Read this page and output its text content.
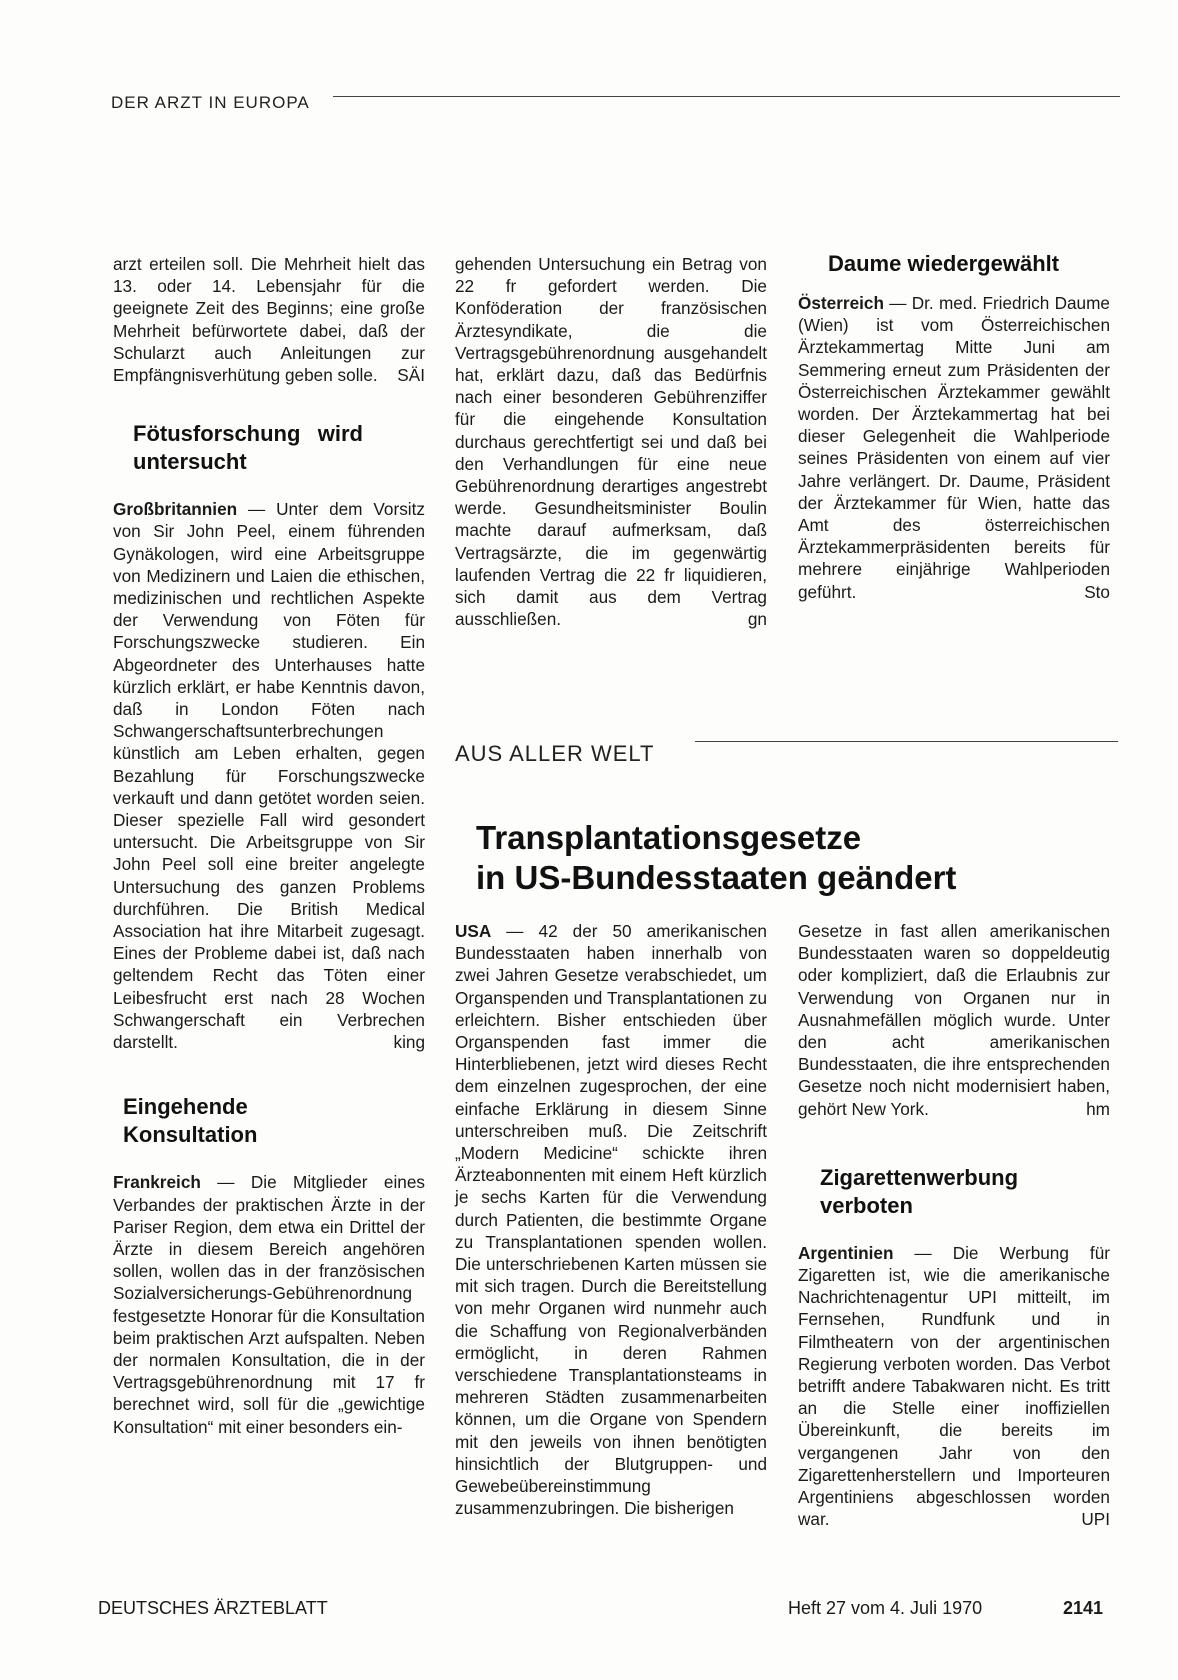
DER ARZT IN EUROPA

arzt erteilen soll. Die Mehrheit hielt das 13. oder 14. Lebensjahr für die geeignete Zeit des Beginns; eine große Mehrheit befürwortete dabei, daß der Schularzt auch Anleitungen zur Empfängnisverhütung geben solle. SÄI

Fötusforschung wird untersucht

Großbritannien — Unter dem Vorsitz von Sir John Peel, einem führenden Gynäkologen, wird eine Arbeitsgruppe von Medizinern und Laien die ethischen, medizinischen und rechtlichen Aspekte der Verwendung von Föten für Forschungszwecke studieren. Ein Abgeordneter des Unterhauses hatte kürzlich erklärt, er habe Kenntnis davon, daß in London Föten nach Schwangerschaftsunterbrechungen künstlich am Leben erhalten, gegen Bezahlung für Forschungszwecke verkauft und dann getötet worden seien. Dieser spezielle Fall wird gesondert untersucht. Die Arbeitsgruppe von Sir John Peel soll eine breiter angelegte Untersuchung des ganzen Problems durchführen. Die British Medical Association hat ihre Mitarbeit zugesagt. Eines der Probleme dabei ist, daß nach geltendem Recht das Töten einer Leibesfrucht erst nach 28 Wochen Schwangerschaft ein Verbrechen darstellt.	king

Eingehende Konsultation

Frankreich — Die Mitglieder eines Verbandes der praktischen Ärzte in der Pariser Region, dem etwa ein Drittel der Ärzte in diesem Bereich angehören sollen, wollen das in der französischen Sozialversicherungs-Gebührenordnung festgesetzte Honorar für die Konsultation beim praktischen Arzt aufspalten. Neben der normalen Konsultation, die in der Vertragsgebührenordnung mit 17 fr berechnet wird, soll für die „gewichtige Konsultation“ mit einer besonders ein-

gehenden Untersuchung ein Betrag von 22 fr gefordert werden. Die Konföderation der französischen Ärztesyndikate, die die Vertragsgebührenordnung ausgehandelt hat, erklärt dazu, daß das Bedürfnis nach einer besonderen Gebührenziffer für die eingehende Konsultation durchaus gerechtfertigt sei und daß bei den Verhandlungen für eine neue Gebührenordnung derartiges angestrebt werde. Gesundheitsminister Boulin machte darauf aufmerksam, daß Vertragsärzte, die im gegenwärtig laufenden Vertrag die 22 fr liquidieren, sich damit aus dem Vertrag ausschließen.	gn

Daume wiedergewählt

Österreich — Dr. med. Friedrich Daume (Wien) ist vom Österreichischen Ärztekammertag Mitte Juni am Semmering erneut zum Präsidenten der Österreichischen Ärztekammer gewählt worden. Der Ärztekammertag hat bei dieser Gelegenheit die Wahlperiode seines Präsidenten von einem auf vier Jahre verlängert. Dr. Daume, Präsident der Ärztekammer für Wien, hatte das Amt des österreichischen Ärztekammerpräsidenten bereits für mehrere einjährige Wahlperioden geführt.	Sto

AUS ALLER WELT
Transplantationsgesetze
in US-Bundesstaaten geändert

USA — 42 der 50 amerikanischen Bundesstaaten haben innerhalb von zwei Jahren Gesetze verabschiedet, um Organspenden und Transplantationen zu erleichtern. Bisher entschieden über Organspenden fast immer die Hinterbliebenen, jetzt wird dieses Recht dem einzelnen zugesprochen, der eine einfache Erklärung in diesem Sinne unterschreiben muß. Die Zeitschrift „Modern Medicine“ schickte ihren Ärzteabonnenten mit einem Heft kürzlich je sechs Karten für die Verwendung durch Patienten, die bestimmte Organe zu Transplantationen spenden wollen. Die unterschriebenen Karten müssen sie mit sich tragen. Durch die Bereitstellung von mehr Organen wird nunmehr auch die Schaffung von Regionalverbänden ermöglicht, in deren Rahmen verschiedene Transplantationsteams in mehreren Städten zusammenarbeiten können, um die Organe von Spendern mit den jeweils von ihnen benötigten hinsichtlich der Blutgruppen- und Gewebeübereinstimmung zusammenzubringen. Die bisherigen

Gesetze in fast allen amerikanischen Bundesstaaten waren so doppeldeutig oder kompliziert, daß die Erlaubnis zur Verwendung von Organen nur in Ausnahmefällen möglich wurde. Unter den acht amerikanischen Bundesstaaten, die ihre entsprechenden Gesetze noch nicht modernisiert haben, gehört New York.	hm

Zigarettenwerbung verboten

Argentinien — Die Werbung für Zigaretten ist, wie die amerikanische Nachrichtenagentur UPI mitteilt, im Fernsehen, Rundfunk und in Filmtheatern von der argentinischen Regierung verboten worden. Das Verbot betrifft andere Tabakwaren nicht. Es tritt an die Stelle einer inoffiziellen Übereinkunft, die bereits im vergangenen Jahr von den Zigarettenherstellern und Importeuren Argentiniens abgeschlossen worden war.	UPI

DEUTSCHES ÄRZTEBLATT	Heft 27 vom 4. Juli 1970	2141
